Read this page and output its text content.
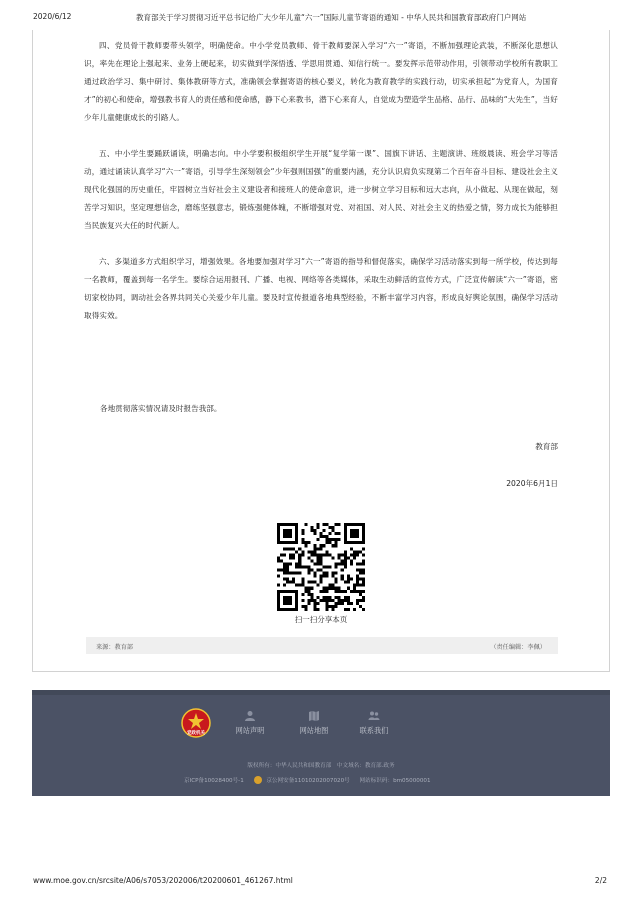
2020/6/12	教育部关于学习贯彻习近平总书记给广大少年儿童“六一”国际儿童节寄语的通知 - 中华人民共和国教育部政府门户网站

四、党员骨干教师要带头领学，明确使命。中小学党员教师、骨干教师要深入学习“六一”寄语，不断加强理论武装，不断深化思想认识，率先在理论上强起来、业务上硬起来，切实做到学深悟透、学思用贯通、知信行统一。要发挥示范带动作用，引领带动学校所有教职工通过政治学习、集中研讨、集体教研等方式，准确领会掌握寄语的核心要义，转化为教育教学的实践行动，切实承担起“为党育人，为国育才”的初心和使命，增强教书育人的责任感和使命感，静下心来教书，潜下心来育人，自觉成为塑造学生品格、品行、品味的“大先生”，当好少年儿童健康成长的引路人。

五、中小学生要踊跃诵读，明确志向。中小学要积极组织学生开展“复学第一课”、国旗下讲话、主题演讲、班级晨读、班会学习等活动，通过诵读认真学习“六一”寄语，引导学生深刻领会“少年强则国强”的重要内涵，充分认识肩负实现第二个百年奋斗目标、建设社会主义现代化强国的历史重任，牢固树立当好社会主义建设者和接班人的使命意识，进一步树立学习目标和远大志向，从小做起、从现在做起，刻苦学习知识，坚定理想信念，磨练坚强意志，锻炼强健体魄，不断增强对党、对祖国、对人民、对社会主义的热爱之情，努力成长为能够担当民族复兴大任的时代新人。

六、多渠道多方式组织学习，增强效果。各地要加强对学习“六一”寄语的指导和督促落实，确保学习活动落实到每一所学校，传达到每一名教师，覆盖到每一名学生。要综合运用报刊、广播、电视、网络等各类媒体，采取生动鲜活的宣传方式，广泛宣传解读“六一”寄语，密切家校协同，调动社会各界共同关心关爱少年儿童。要及时宣传报道各地典型经验，不断丰富学习内容，形成良好舆论氛围，确保学习活动取得实效。

各地贯彻落实情况请及时报告我部。
教育部
2020年6月1日
扫一扫分享本页
来源：教育部	（责任编辑：李佩）
党政机关	网站声明	网站地图	联系我们
版权所有：中华人民共和国教育部　中文域名：教育部.政务
京ICP备10028400号-1	京公网安备11010202007020号 网站标识码：bm05000001
www.moe.gov.cn/srcsite/A06/s7053/202006/t20200601_461267.html	2/2
